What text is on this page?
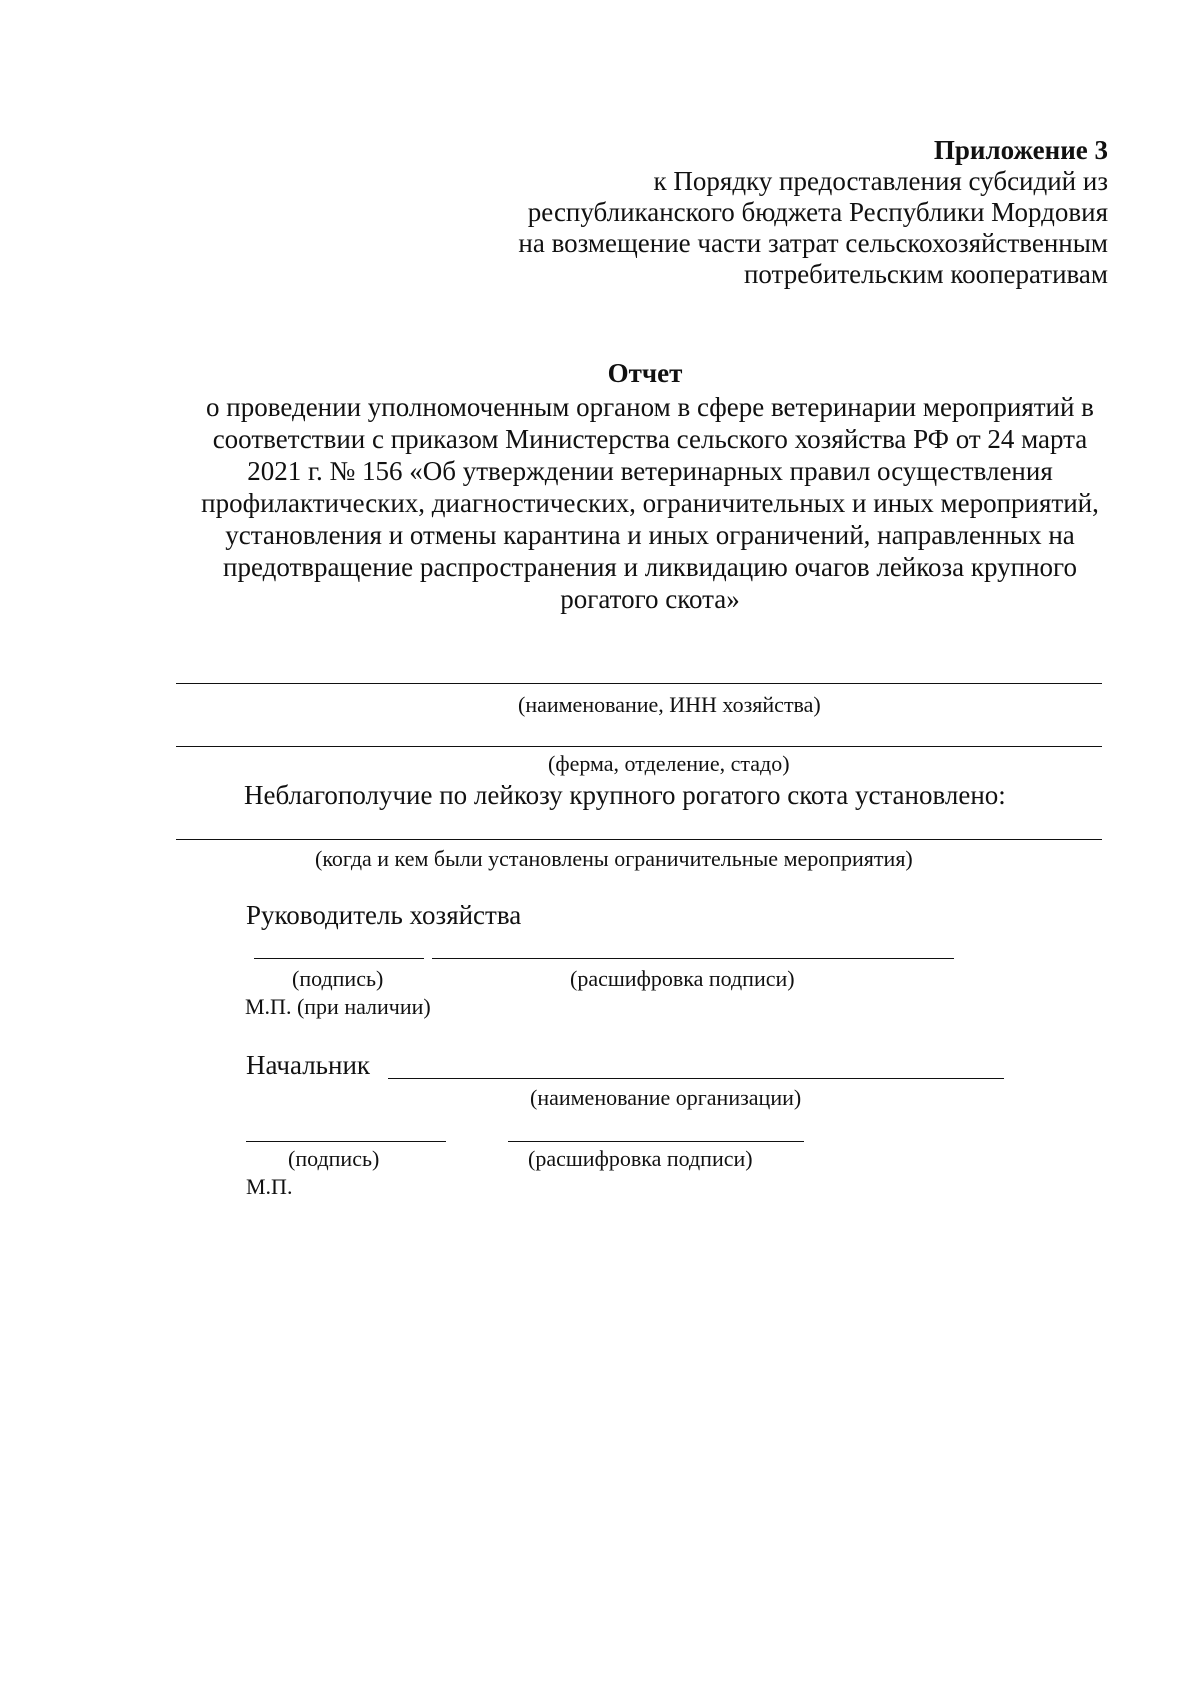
Приложение 3
к Порядку предоставления субсидий из
республиканского бюджета Республики Мордовия
на возмещение части затрат сельскохозяйственным
потребительским кооперативам
Отчет
о проведении уполномоченным органом в сфере ветеринарии мероприятий в
соответствии с приказом Министерства сельского хозяйства РФ от 24 марта
2021 г. № 156 «Об утверждении ветеринарных правил осуществления
профилактических, диагностических, ограничительных и иных мероприятий,
установления и отмены карантина и иных ограничений, направленных на
предотвращение распространения и ликвидацию очагов лейкоза крупного
рогатого скота»
(наименование, ИНН хозяйства)
(ферма, отделение, стадо)
Неблагополучие по лейкозу крупного рогатого скота установлено:
(когда и кем были установлены ограничительные мероприятия)
Руководитель хозяйства
(подпись)	(расшифровка подписи)
М.П. (при наличии)
Начальник
(наименование организации)
(подпись)	(расшифровка подписи)
М.П.
